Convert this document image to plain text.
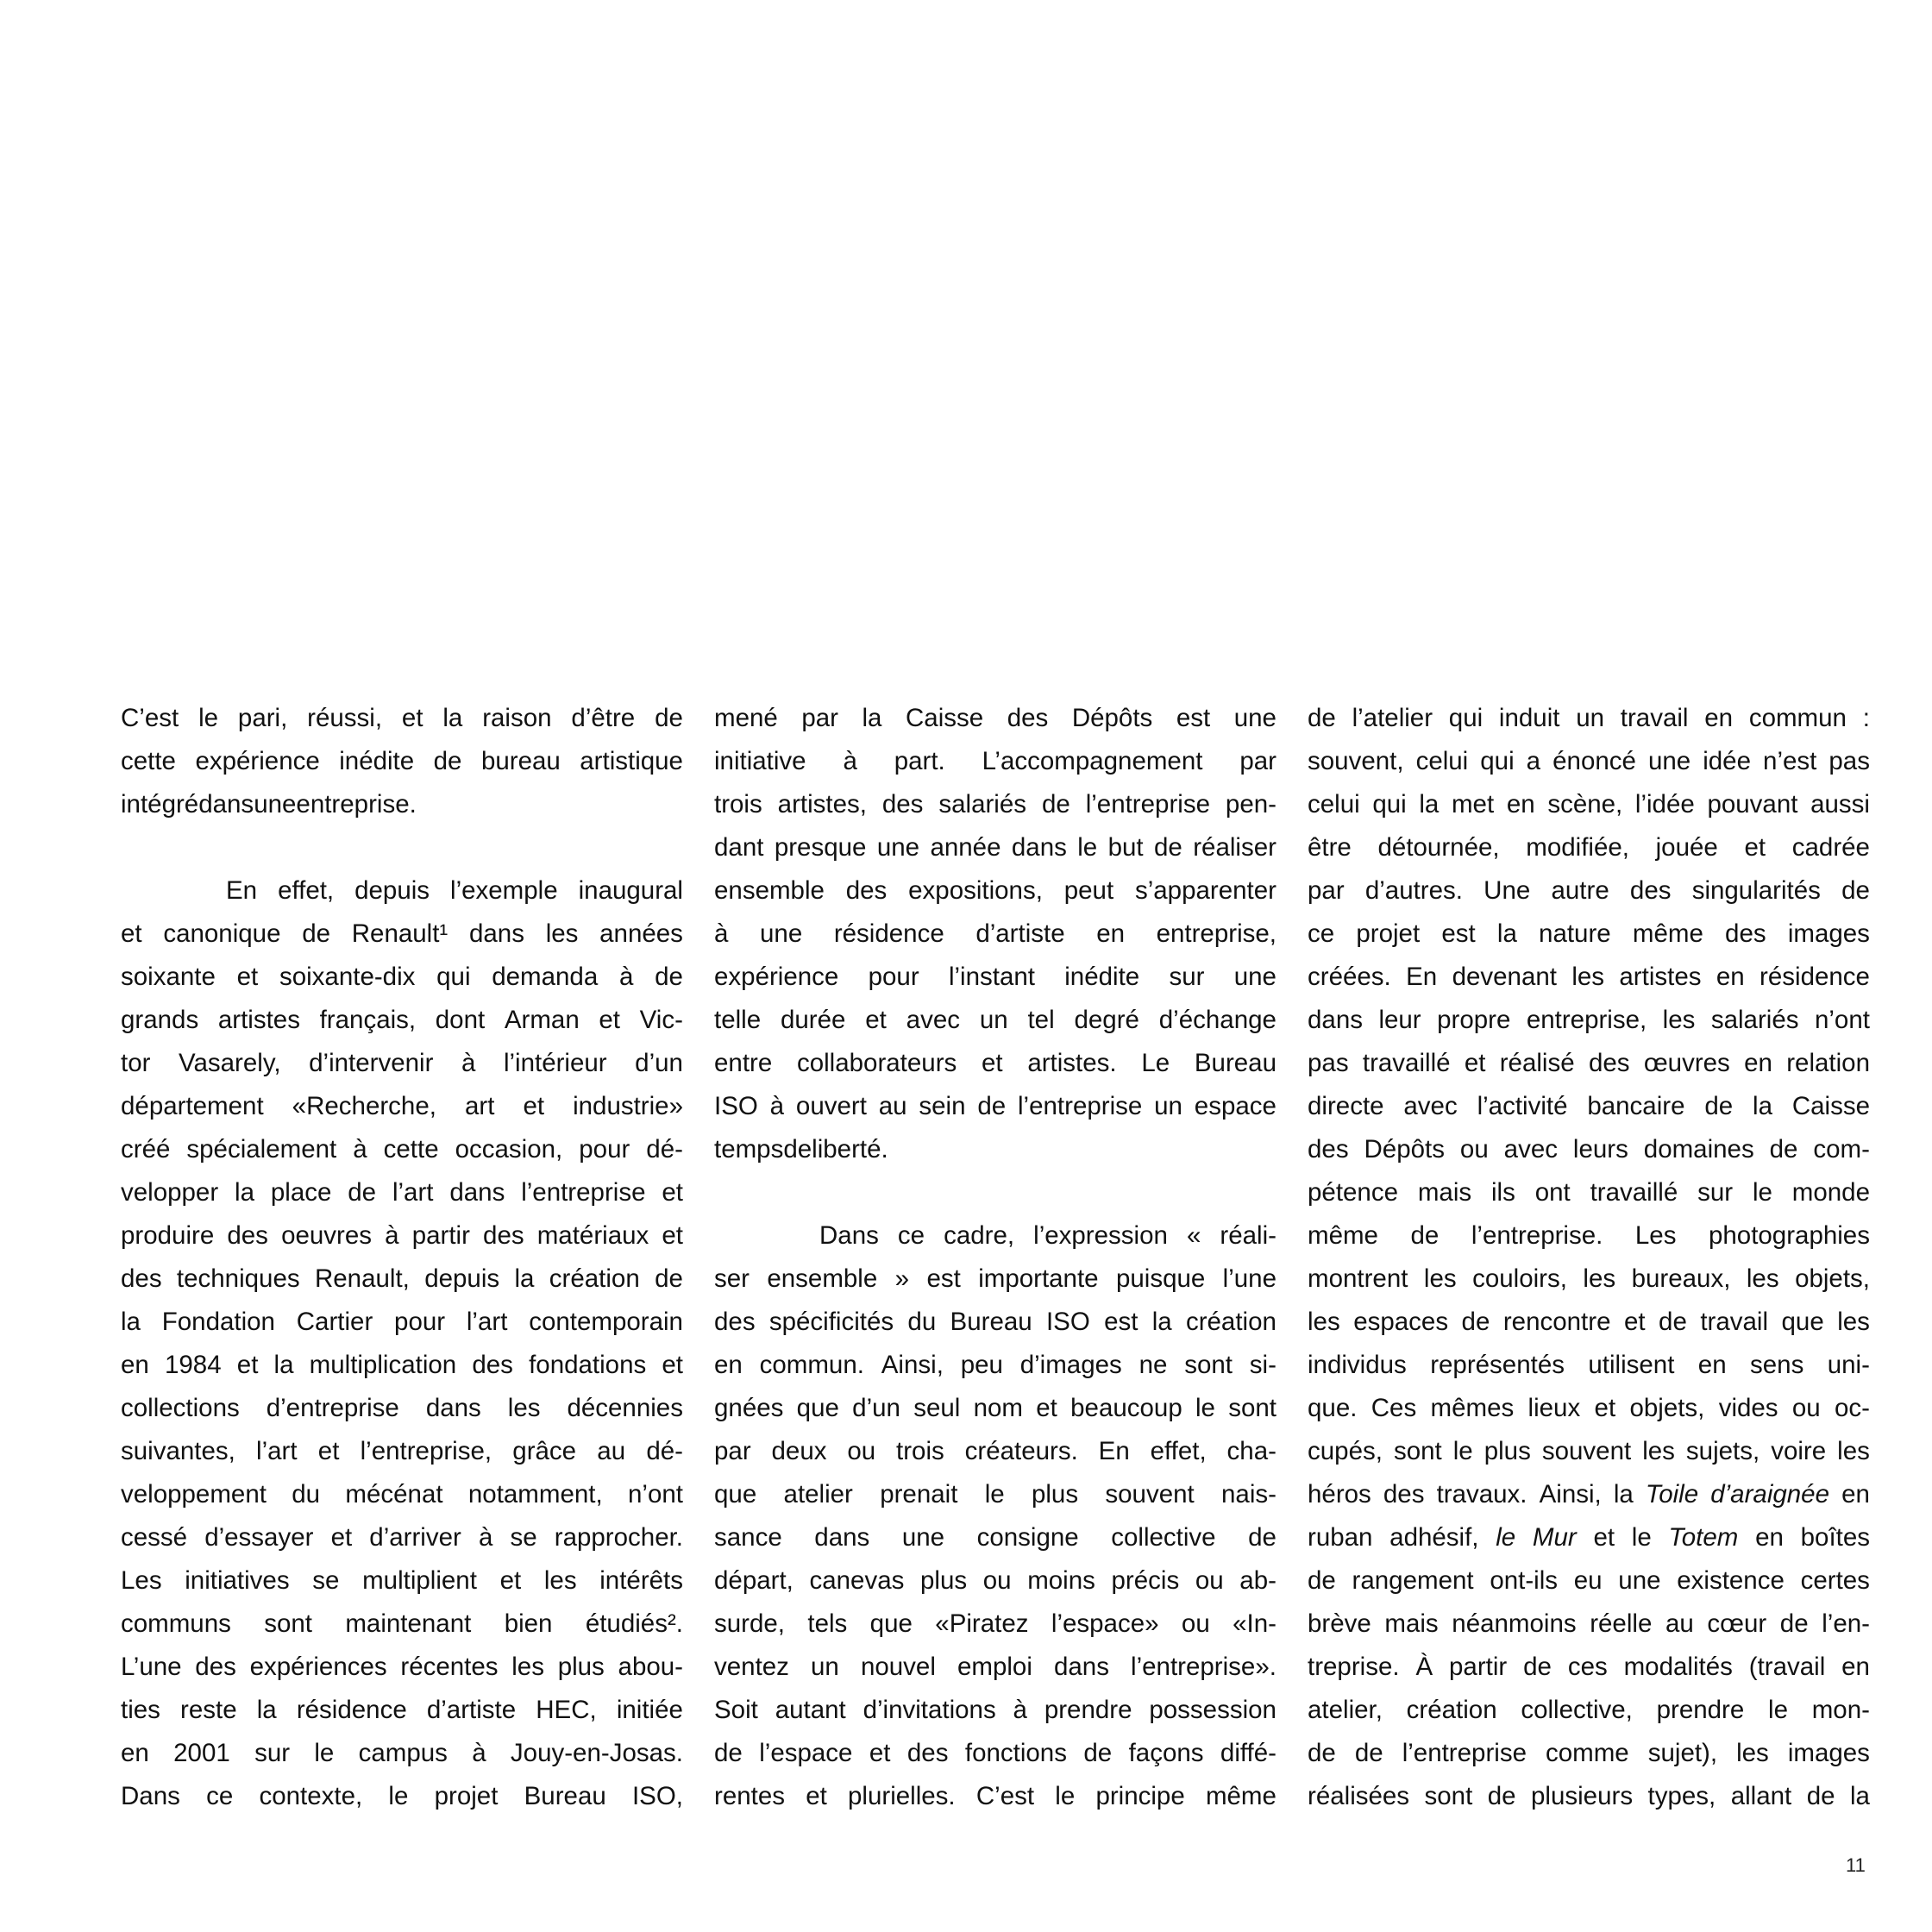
C’est le pari, réussi, et la raison d’être de
cette expérience inédite de bureau artistique
intégré dans une entreprise.
En effet, depuis l’exemple inaugural
et canonique de Renault¹ dans les années
soixante et soixante-dix qui demanda à de
grands artistes français, dont Arman et Vic-
tor Vasarely, d’intervenir à l’intérieur d’un
département «Recherche, art et industrie»
créé spécialement à cette occasion, pour dé-
velopper la place de l’art dans l’entreprise et
produire des oeuvres à partir des matériaux et
des techniques Renault, depuis la création de
la Fondation Cartier pour l’art contemporain
en 1984 et la multiplication des fondations et
collections d’entreprise dans les décennies
suivantes, l’art et l’entreprise, grâce au dé-
veloppement du mécénat notamment, n’ont
cessé d’essayer et d’arriver à se rapprocher.
Les initiatives se multiplient et les intérêts
communs sont maintenant bien étudiés².
L’une des expériences récentes les plus abou-
ties reste la résidence d’artiste HEC, initiée
en 2001 sur le campus à Jouy-en-Josas.
Dans ce contexte, le projet Bureau ISO,
mené par la Caisse des Dépôts est une
initiative à part. L’accompagnement par
trois artistes, des salariés de l’entreprise pen-
dant presque une année dans le but de réaliser
ensemble des expositions, peut s’apparenter
à une résidence d’artiste en entreprise,
expérience pour l’instant inédite sur une
telle durée et avec un tel degré d’échange
entre collaborateurs et artistes. Le Bureau
ISO à ouvert au sein de l’entreprise un espace
temps de liberté.
Dans ce cadre, l’expression « réali-
ser ensemble » est importante puisque l’une
des spécificités du Bureau ISO est la création
en commun. Ainsi, peu d’images ne sont si-
gnées que d’un seul nom et beaucoup le sont
par deux ou trois créateurs. En effet, cha-
que atelier prenait le plus souvent nais-
sance dans une consigne collective de
départ, canevas plus ou moins précis ou ab-
surde, tels que «Piratez l’espace» ou «In-
ventez un nouvel emploi dans l’entreprise».
Soit autant d’invitations à prendre possession
de l’espace et des fonctions de façons diffé-
rentes et plurielles. C’est le principe même
de l’atelier qui induit un travail en commun :
souvent, celui qui a énoncé une idée n’est pas
celui qui la met en scène, l’idée pouvant aussi
être détournée, modifiée, jouée et cadrée
par d’autres. Une autre des singularités de
ce projet est la nature même des images
créées. En devenant les artistes en résidence
dans leur propre entreprise, les salariés n’ont
pas travaillé et réalisé des œuvres en relation
directe avec l’activité bancaire de la Caisse
des Dépôts ou avec leurs domaines de com-
pétence mais ils ont travaillé sur le monde
même de l’entreprise. Les photographies
montrent les couloirs, les bureaux, les objets,
les espaces de rencontre et de travail que les
individus représentés utilisent en sens uni-
que. Ces mêmes lieux et objets, vides ou oc-
cupés, sont le plus souvent les sujets, voire les
héros des travaux. Ainsi, la Toile d’araignée en
ruban adhésif, le Mur et le Totem en boîtes
de rangement ont-ils eu une existence certes
brève mais néanmoins réelle au cœur de l’en-
treprise. À partir de ces modalités (travail en
atelier, création collective, prendre le mon-
de de l’entreprise comme sujet), les images
réalisées sont de plusieurs types, allant de la
11
